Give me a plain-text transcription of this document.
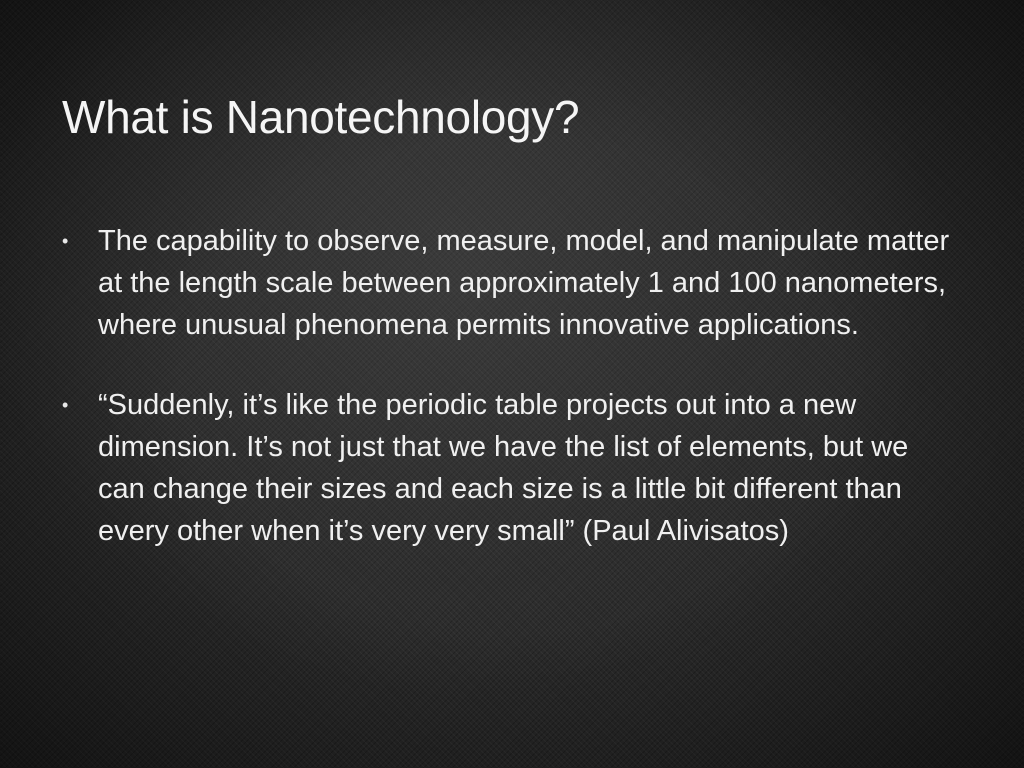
What is Nanotechnology?
• The capability to observe, measure, model, and manipulate matter at the length scale between approximately 1 and 100 nanometers, where unusual phenomena permits innovative applications.
• “Suddenly, it’s like the periodic table projects out into a new dimension. It’s not just that we have the list of elements, but we can change their sizes and each size is a little bit different than every other when it’s very very small” (Paul Alivisatos)
